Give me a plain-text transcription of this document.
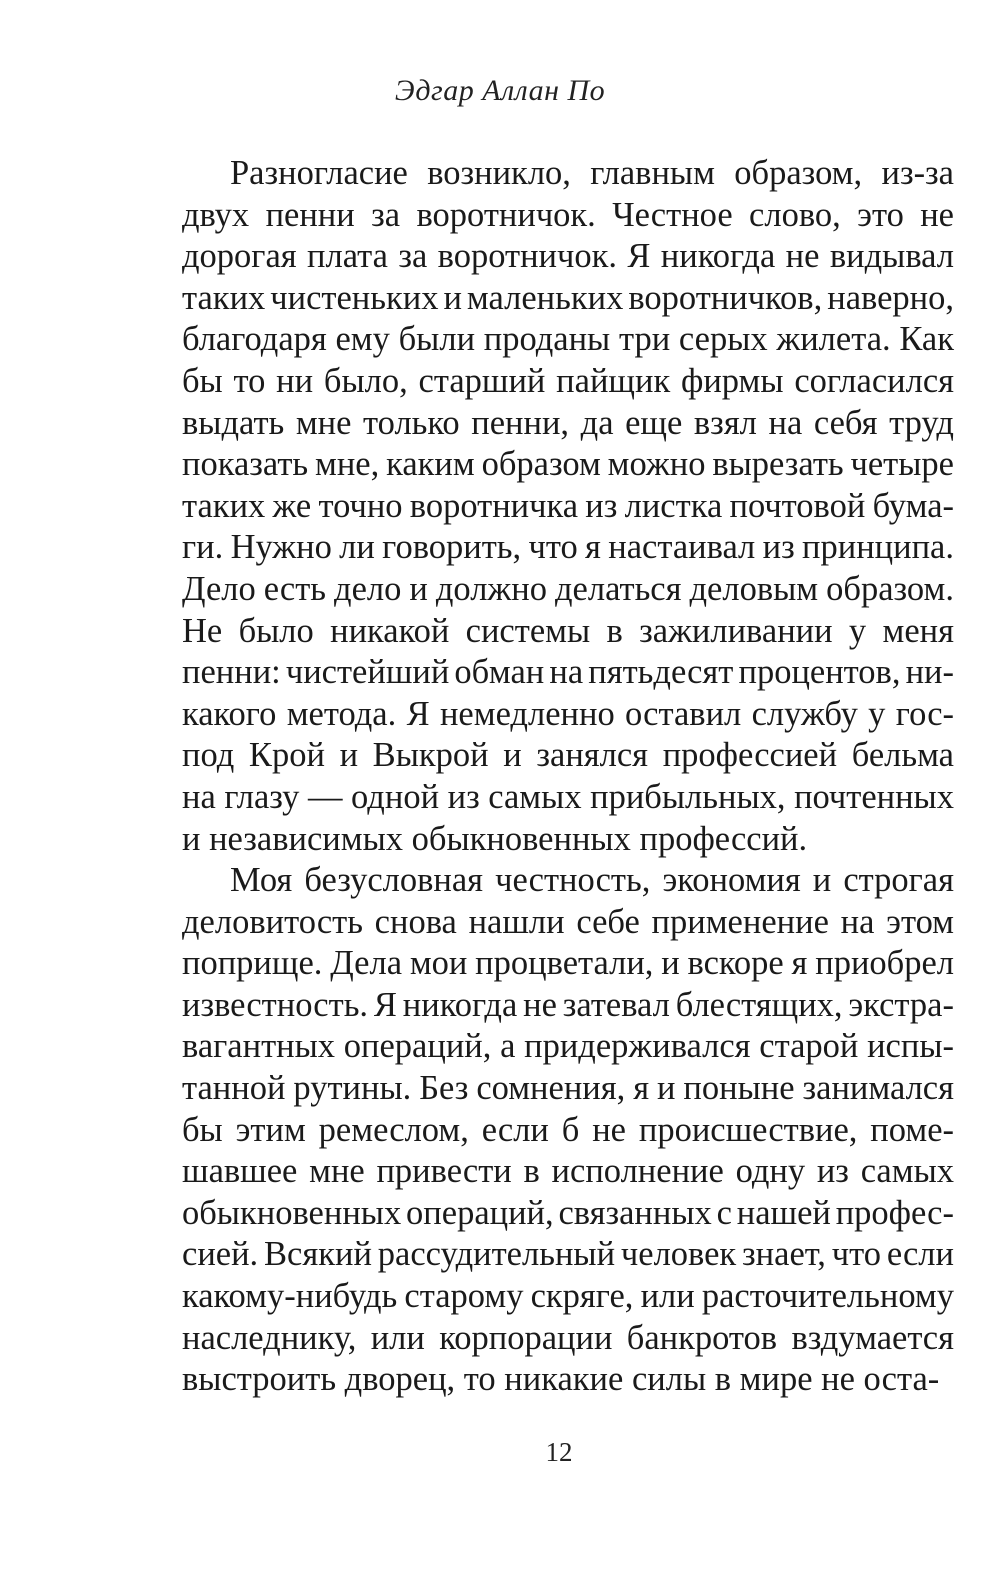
Эдгар Аллан По
Разногласие возникло, главным образом, из-за
двух пенни за воротничок. Честное слово, это не
дорогая плата за воротничок. Я никогда не видывал
таких чистеньких и маленьких воротничков, наверно,
благодаря ему были проданы три серых жилета. Как
бы то ни было, старший пайщик фирмы согласился
выдать мне только пенни, да еще взял на себя труд
показать мне, каким образом можно вырезать четыре
таких же точно воротничка из листка почтовой бума-
ги. Нужно ли говорить, что я настаивал из принципа.
Дело есть дело и должно делаться деловым образом.
Не было никакой системы в зажиливании у меня
пенни: чистейший обман на пятьдесят процентов, ни-
какого метода. Я немедленно оставил службу у гос-
под Крой и Выкрой и занялся профессией бельма
на глазу — одной из самых прибыльных, почтенных
и независимых обыкновенных профессий.
Моя безусловная честность, экономия и строгая
деловитость снова нашли себе применение на этом
поприще. Дела мои процветали, и вскоре я приобрел
известность. Я никогда не затевал блестящих, экстра-
вагантных операций, а придерживался старой испы-
танной рутины. Без сомнения, я и поныне занимался
бы этим ремеслом, если б не происшествие, поме-
шавшее мне привести в исполнение одну из самых
обыкновенных операций, связанных с нашей профес-
сией. Всякий рассудительный человек знает, что если
какому-нибудь старому скряге, или расточительному
наследнику, или корпорации банкротов вздумается
выстроить дворец, то никакие силы в мире не оста-
12
